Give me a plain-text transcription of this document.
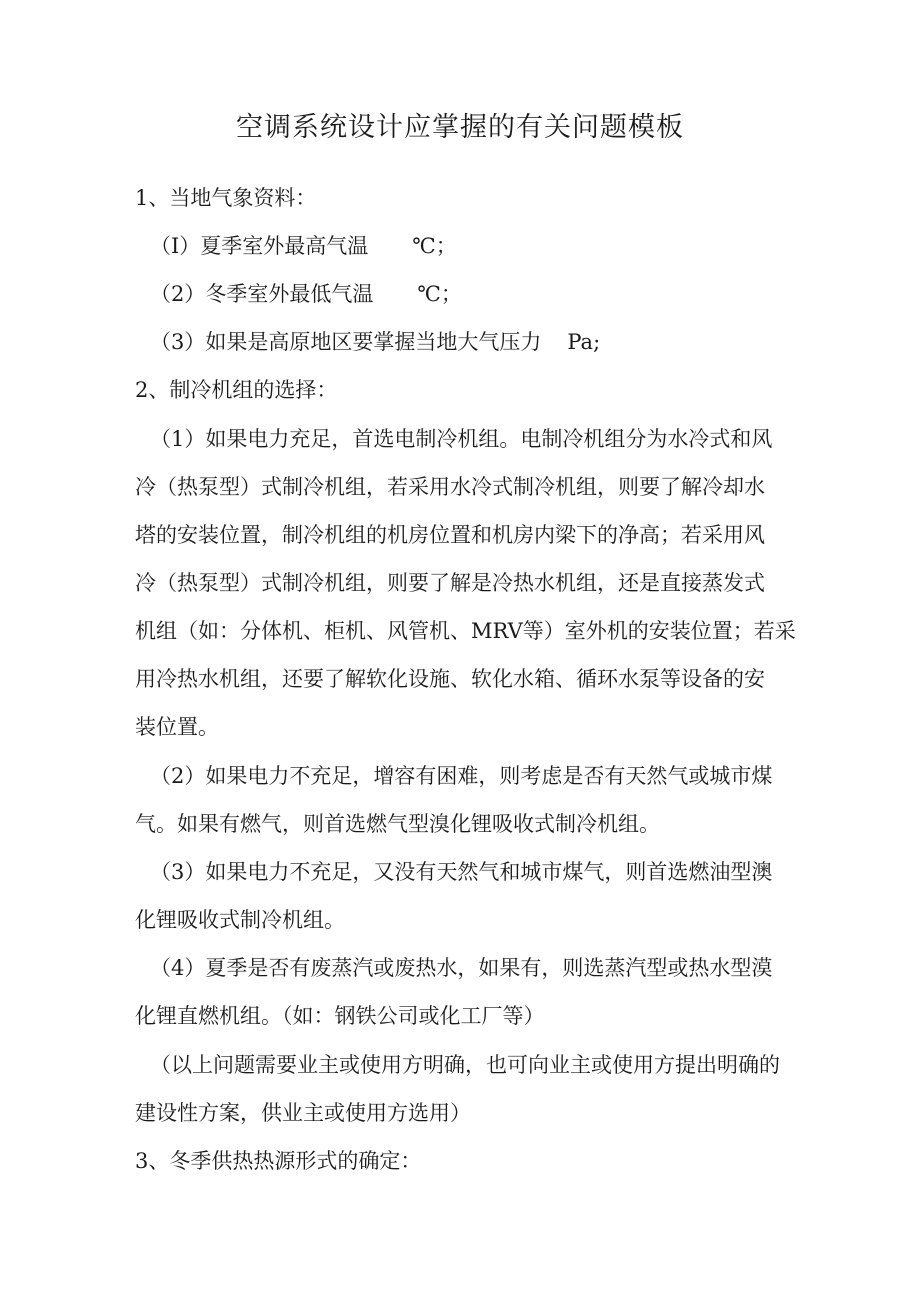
空调系统设计应掌握的有关问题模板

1、当地气象资料：

（I）夏季室外最高气温 ℃；

（2）冬季室外最低气温 ℃；

（3）如果是高原地区要掌握当地大气压力 Pa;

2、制冷机组的选择：

（1）如果电力充足，首选电制冷机组。电制冷机组分为水冷式和风

冷（热泵型）式制冷机组，若采用水冷式制冷机组，则要了解冷却水

塔的安装位置，制冷机组的机房位置和机房内梁下的净高；若采用风

冷（热泵型）式制冷机组，则要了解是冷热水机组，还是直接蒸发式

机组（如：分体机、柜机、风管机、MRV等）室外机的安装位置；若采

用冷热水机组，还要了解软化设施、软化水箱、循环水泵等设备的安

装位置。

（2）如果电力不充足，增容有困难，则考虑是否有天然气或城市煤

气。如果有燃气，则首选燃气型溴化锂吸收式制冷机组。

（3）如果电力不充足，又没有天然气和城市煤气，则首选燃油型澳

化锂吸收式制冷机组。

（4）夏季是否有废蒸汽或废热水，如果有，则选蒸汽型或热水型漠

化锂直燃机组。（如：钢铁公司或化工厂等）

（以上问题需要业主或使用方明确，也可向业主或使用方提出明确的

建设性方案，供业主或使用方选用）

3、冬季供热热源形式的确定：
